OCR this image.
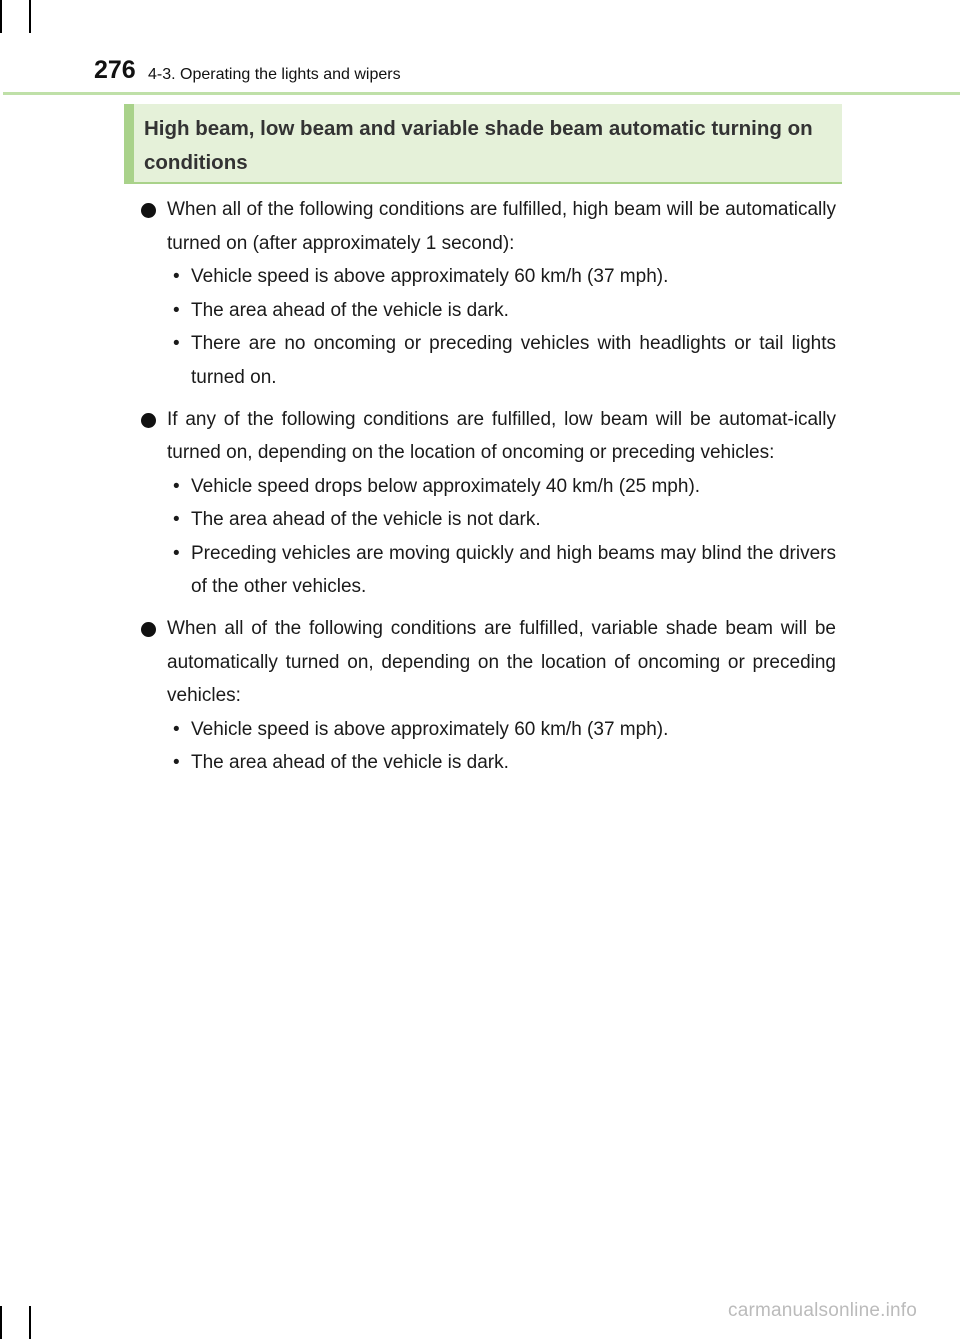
276 4-3. Operating the lights and wipers
High beam, low beam and variable shade beam automatic turning on conditions
When all of the following conditions are fulfilled, high beam will be automatically turned on (after approximately 1 second):
• Vehicle speed is above approximately 60 km/h (37 mph).
• The area ahead of the vehicle is dark.
• There are no oncoming or preceding vehicles with headlights or tail lights turned on.
If any of the following conditions are fulfilled, low beam will be automat-ically turned on, depending on the location of oncoming or preceding vehicles:
• Vehicle speed drops below approximately 40 km/h (25 mph).
• The area ahead of the vehicle is not dark.
• Preceding vehicles are moving quickly and high beams may blind the drivers of the other vehicles.
When all of the following conditions are fulfilled, variable shade beam will be automatically turned on, depending on the location of oncoming or preceding vehicles:
• Vehicle speed is above approximately 60 km/h (37 mph).
• The area ahead of the vehicle is dark.
carmanualsonline.info
